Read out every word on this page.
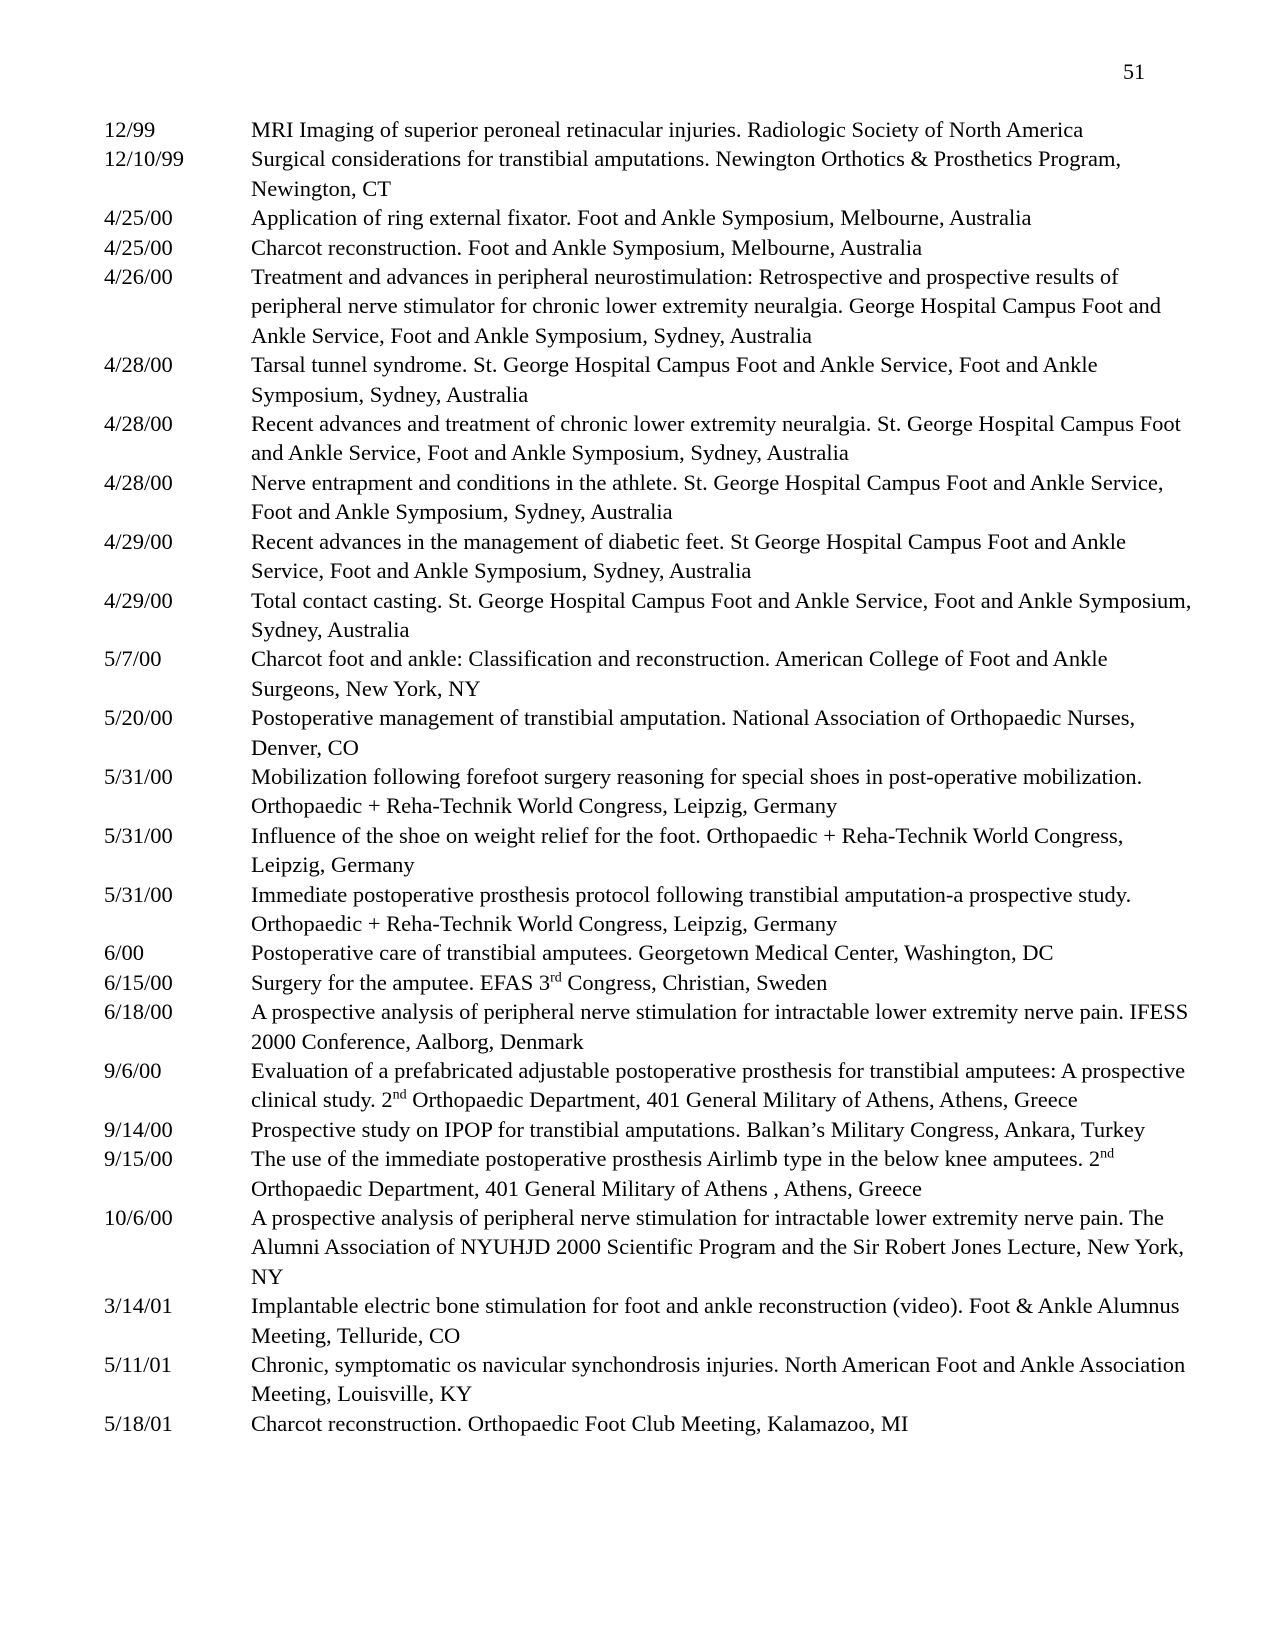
51
12/99	MRI Imaging of superior peroneal retinacular injuries. Radiologic Society of North America
12/10/99	Surgical considerations for transtibial amputations. Newington Orthotics & Prosthetics Program, Newington, CT
4/25/00	Application of ring external fixator. Foot and Ankle Symposium, Melbourne, Australia
4/25/00	Charcot reconstruction. Foot and Ankle Symposium, Melbourne, Australia
4/26/00	Treatment and advances in peripheral neurostimulation: Retrospective and prospective results of peripheral nerve stimulator for chronic lower extremity neuralgia. George Hospital Campus Foot and Ankle Service, Foot and Ankle Symposium, Sydney, Australia
4/28/00	Tarsal tunnel syndrome. St. George Hospital Campus Foot and Ankle Service, Foot and Ankle Symposium, Sydney, Australia
4/28/00	Recent advances and treatment of chronic lower extremity neuralgia. St. George Hospital Campus Foot and Ankle Service, Foot and Ankle Symposium, Sydney, Australia
4/28/00	Nerve entrapment and conditions in the athlete. St. George Hospital Campus Foot and Ankle Service, Foot and Ankle Symposium, Sydney, Australia
4/29/00	Recent advances in the management of diabetic feet. St George Hospital Campus Foot and Ankle Service, Foot and Ankle Symposium, Sydney, Australia
4/29/00	Total contact casting. St. George Hospital Campus Foot and Ankle Service, Foot and Ankle Symposium, Sydney, Australia
5/7/00	Charcot foot and ankle: Classification and reconstruction. American College of Foot and Ankle Surgeons, New York, NY
5/20/00	Postoperative management of transtibial amputation. National Association of Orthopaedic Nurses, Denver, CO
5/31/00	Mobilization following forefoot surgery reasoning for special shoes in post-operative mobilization. Orthopaedic + Reha-Technik World Congress, Leipzig, Germany
5/31/00	Influence of the shoe on weight relief for the foot. Orthopaedic + Reha-Technik World Congress, Leipzig, Germany
5/31/00	Immediate postoperative prosthesis protocol following transtibial amputation-a prospective study. Orthopaedic + Reha-Technik World Congress, Leipzig, Germany
6/00	Postoperative care of transtibial amputees. Georgetown Medical Center, Washington, DC
6/15/00	Surgery for the amputee. EFAS 3rd Congress, Christian, Sweden
6/18/00	A prospective analysis of peripheral nerve stimulation for intractable lower extremity nerve pain. IFESS 2000 Conference, Aalborg, Denmark
9/6/00	Evaluation of a prefabricated adjustable postoperative prosthesis for transtibial amputees: A prospective clinical study. 2nd Orthopaedic Department, 401 General Military of Athens, Athens, Greece
9/14/00	Prospective study on IPOP for transtibial amputations. Balkan’s Military Congress, Ankara, Turkey
9/15/00	The use of the immediate postoperative prosthesis Airlimb type in the below knee amputees. 2nd Orthopaedic Department, 401 General Military of Athens , Athens, Greece
10/6/00	A prospective analysis of peripheral nerve stimulation for intractable lower extremity nerve pain. The Alumni Association of NYUHJD 2000 Scientific Program and the Sir Robert Jones Lecture, New York, NY
3/14/01	Implantable electric bone stimulation for foot and ankle reconstruction (video). Foot & Ankle Alumnus Meeting, Telluride, CO
5/11/01	Chronic, symptomatic os navicular synchondrosis injuries. North American Foot and Ankle Association Meeting, Louisville, KY
5/18/01	Charcot reconstruction. Orthopaedic Foot Club Meeting, Kalamazoo, MI
